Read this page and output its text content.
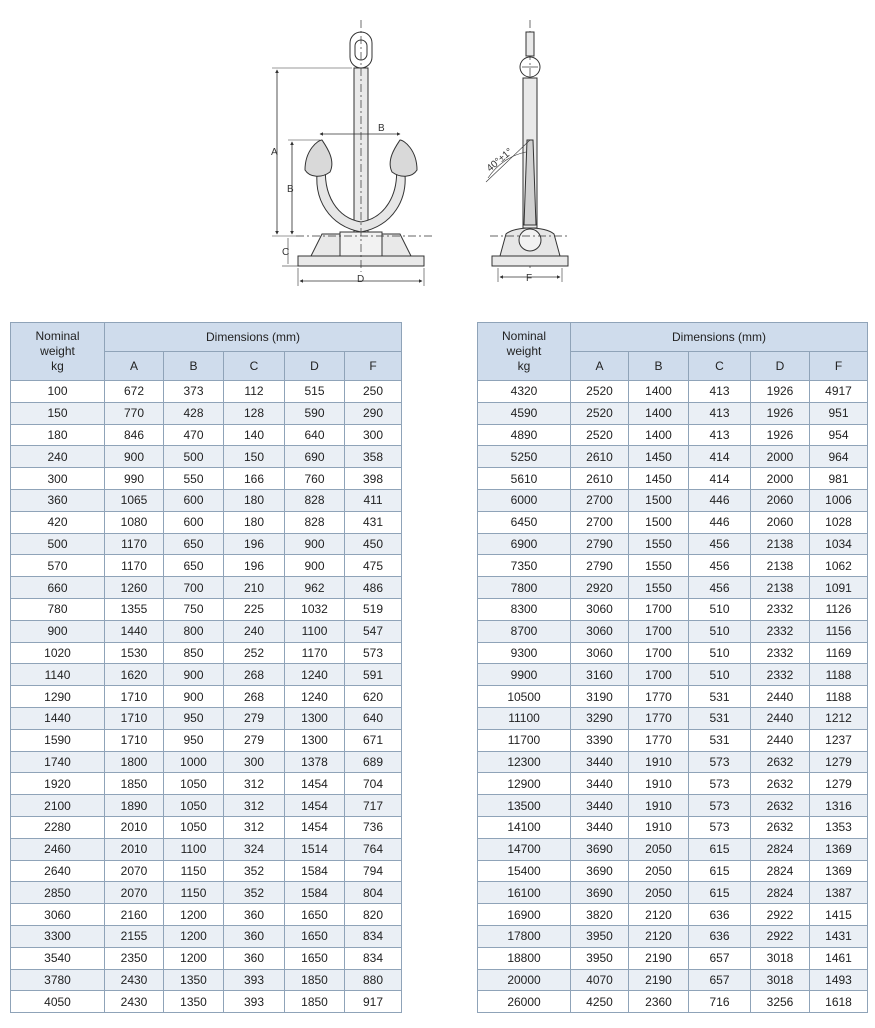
A
B
C
D
B
40°±1°
F
Nominal
weight
kg	Dimensions (mm)				
	A	B	C	D	F
100	672	373	112	515	250
150	770	428	128	590	290
180	846	470	140	640	300
240	900	500	150	690	358
300	990	550	166	760	398
360	1065	600	180	828	411
420	1080	600	180	828	431
500	1170	650	196	900	450
570	1170	650	196	900	475
660	1260	700	210	962	486
780	1355	750	225	1032	519
900	1440	800	240	1100	547
1020	1530	850	252	1170	573
1140	1620	900	268	1240	591
1290	1710	900	268	1240	620
1440	1710	950	279	1300	640
1590	1710	950	279	1300	671
1740	1800	1000	300	1378	689
1920	1850	1050	312	1454	704
2100	1890	1050	312	1454	717
2280	2010	1050	312	1454	736
2460	2010	1100	324	1514	764
2640	2070	1150	352	1584	794
2850	2070	1150	352	1584	804
3060	2160	1200	360	1650	820
3300	2155	1200	360	1650	834
3540	2350	1200	360	1650	834
3780	2430	1350	393	1850	880
4050	2430	1350	393	1850	917
Nominal
weight
kg	Dimensions (mm)				
	A	B	C	D	F
4320	2520	1400	413	1926	4917
4590	2520	1400	413	1926	951
4890	2520	1400	413	1926	954
5250	2610	1450	414	2000	964
5610	2610	1450	414	2000	981
6000	2700	1500	446	2060	1006
6450	2700	1500	446	2060	1028
6900	2790	1550	456	2138	1034
7350	2790	1550	456	2138	1062
7800	2920	1550	456	2138	1091
8300	3060	1700	510	2332	1126
8700	3060	1700	510	2332	1156
9300	3060	1700	510	2332	1169
9900	3160	1700	510	2332	1188
10500	3190	1770	531	2440	1188
11100	3290	1770	531	2440	1212
11700	3390	1770	531	2440	1237
12300	3440	1910	573	2632	1279
12900	3440	1910	573	2632	1279
13500	3440	1910	573	2632	1316
14100	3440	1910	573	2632	1353
14700	3690	2050	615	2824	1369
15400	3690	2050	615	2824	1369
16100	3690	2050	615	2824	1387
16900	3820	2120	636	2922	1415
17800	3950	2120	636	2922	1431
18800	3950	2190	657	3018	1461
20000	4070	2190	657	3018	1493
26000	4250	2360	716	3256	1618
